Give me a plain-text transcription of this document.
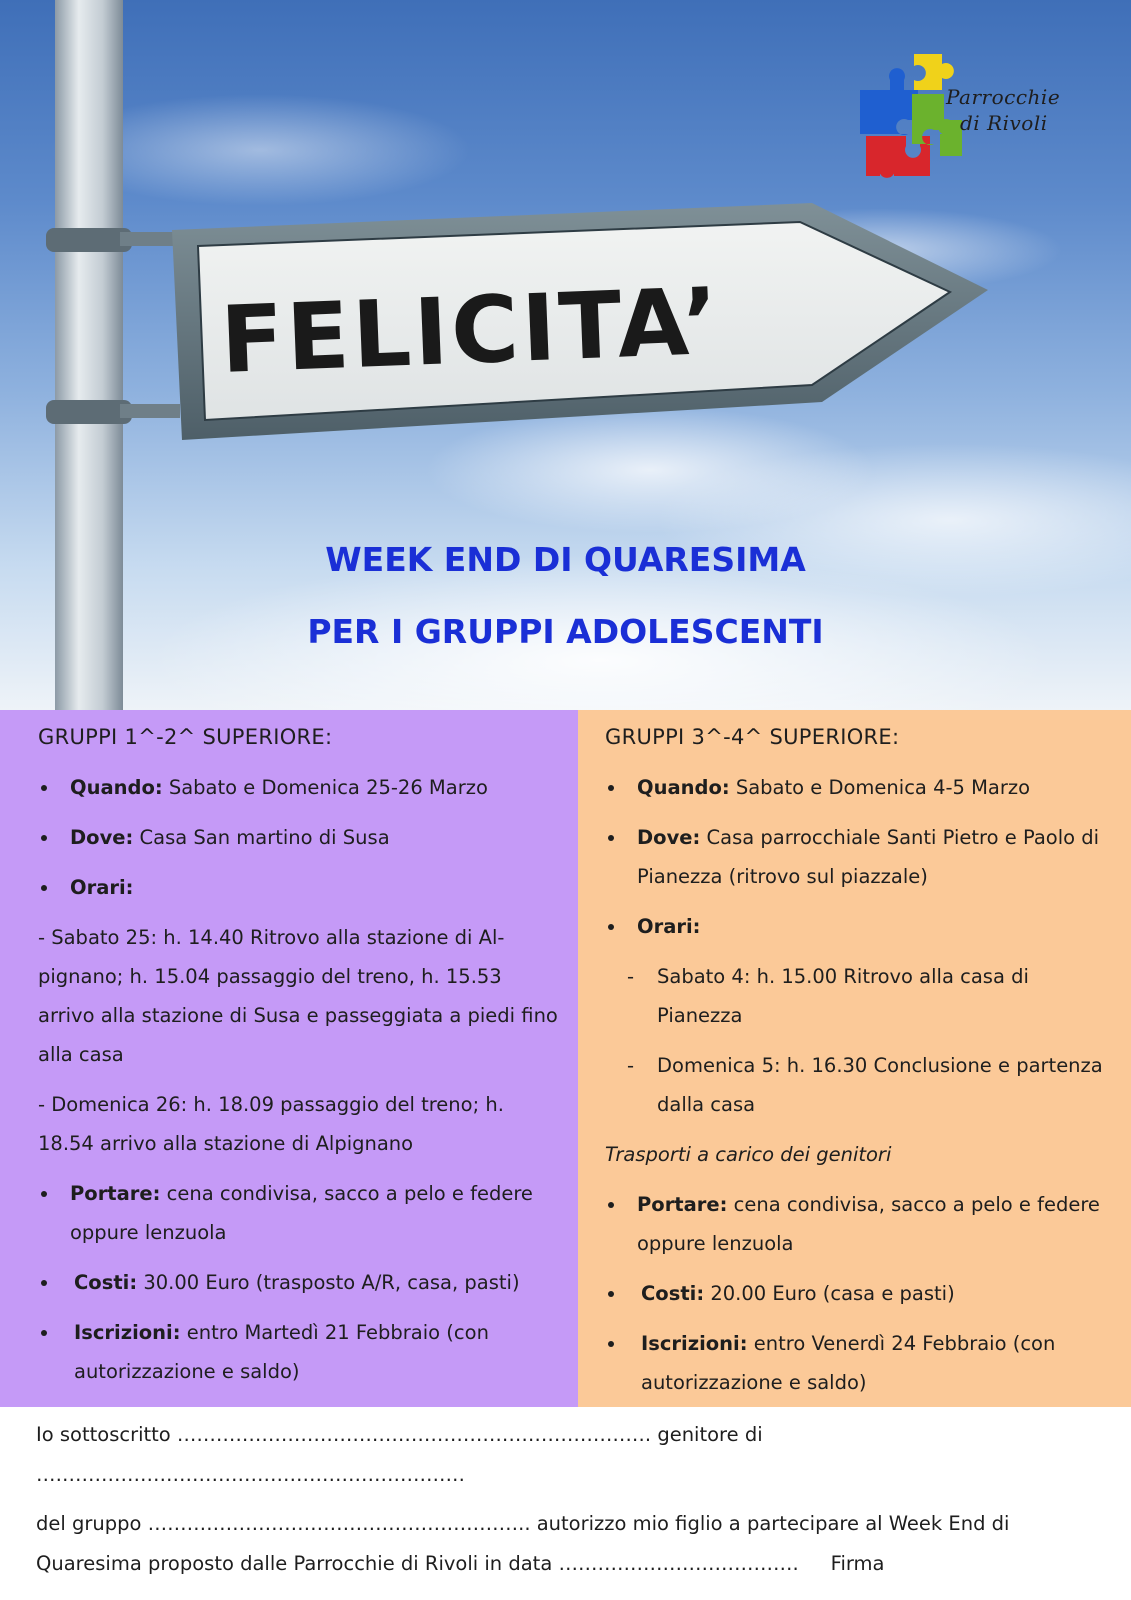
FELICITA’
Parrocchie
di Rivoli
WEEK END DI QUARESIMA
PER I GRUPPI ADOLESCENTI
GRUPPI 1^-2^ SUPERIORE:
Quando: Sabato e Domenica 25-26 Marzo
Dove: Casa San martino di Susa
Orari:
- Sabato 25: h. 14.40 Ritrovo alla stazione di Al-pignano; h. 15.04 passaggio del treno, h. 15.53 arrivo alla stazione di Susa e passeggiata a piedi fino alla casa
- Domenica 26: h. 18.09 passaggio del treno; h. 18.54 arrivo alla stazione di Alpignano
Portare: cena condivisa, sacco a pelo e federe oppure lenzuola
Costi: 30.00 Euro (trasposto A/R, casa, pasti)
Iscrizioni: entro Martedì 21 Febbraio (con autorizzazione e saldo)
GRUPPI 3^-4^ SUPERIORE:
Quando: Sabato e Domenica 4-5 Marzo
Dove: Casa parrocchiale Santi Pietro e Paolo di Pianezza (ritrovo sul piazzale)
Orari:
- Sabato 4: h. 15.00 Ritrovo alla casa di Pianezza
- Domenica 5: h. 16.30 Conclusione e partenza dalla casa
Trasporti a carico dei genitori
Portare: cena condivisa, sacco a pelo e federe oppure lenzuola
Costi: 20.00 Euro (casa e pasti)
Iscrizioni: entro Venerdì 24 Febbraio (con autorizzazione e saldo)
Io sottoscritto ………………………………………………………………. genitore di …………………………………………………………
del gruppo ………………………………………………….. autorizzo mio figlio a partecipare al Week End di
Quaresima proposto dalle Parrocchie di Rivoli in data ………………………………. Firma
